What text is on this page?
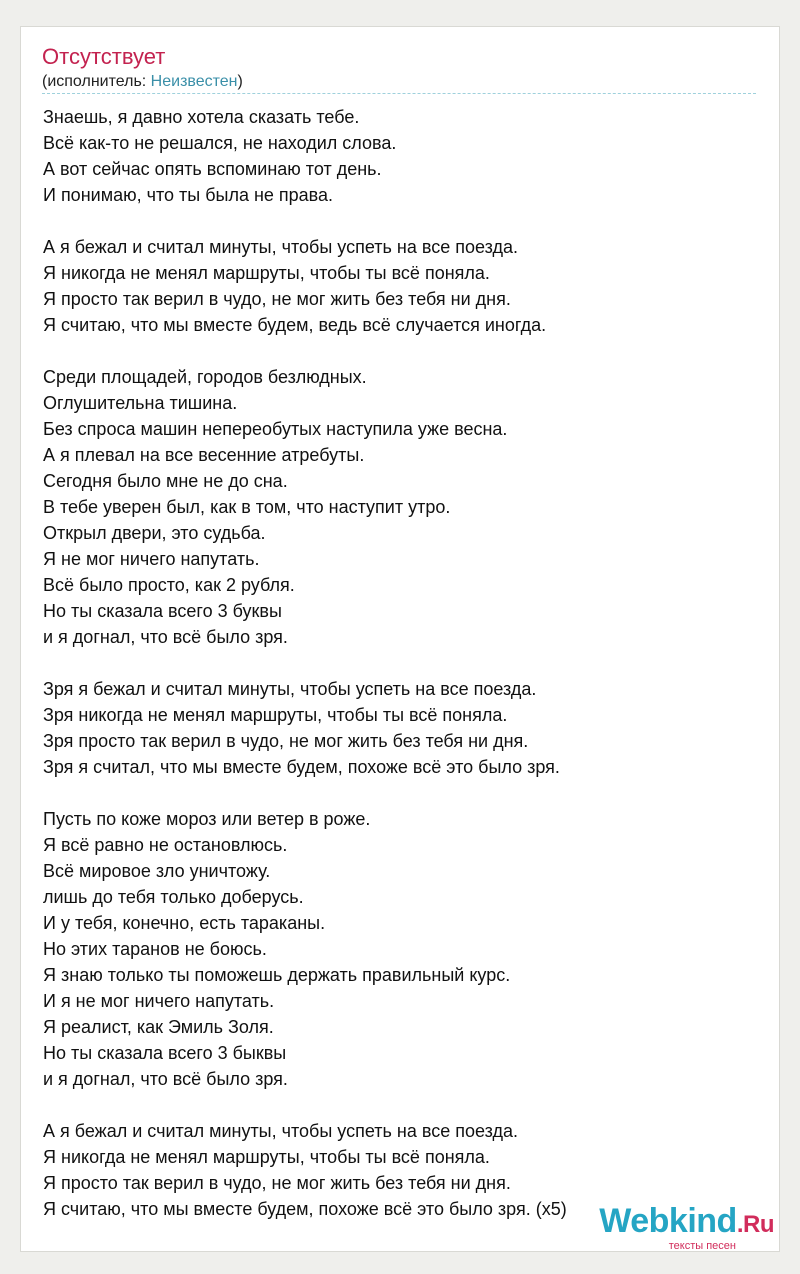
Отсутствует
(исполнитель: Неизвестен)
Знаешь, я давно хотела сказать тебе.
Всё как-то не решался, не находил слова.
А вот сейчас опять вспоминаю тот день.
И понимаю, что ты была не права.
А я бежал и считал минуты, чтобы успеть на все поезда.
Я никогда не менял маршруты, чтобы ты всё поняла.
Я просто так верил в чудо, не мог жить без тебя ни дня.
Я считаю, что мы вместе будем, ведь всё случается иногда.
Среди площадей, городов безлюдных.
Оглушительна тишина.
Без спроса машин непереобутых наступила уже весна.
А я плевал на все весенние атребуты.
Сегодня было мне не до сна.
В тебе уверен был, как в том, что наступит утро.
Открыл двери, это судьба.
Я не мог ничего напутать.
Всё было просто, как 2 рубля.
Но ты сказала всего 3 буквы
и я догнал, что всё было зря.
Зря я бежал и считал минуты, чтобы успеть на все поезда.
Зря никогда не менял маршруты, чтобы ты всё поняла.
Зря просто так верил в чудо, не мог жить без тебя ни дня.
Зря я считал, что мы вместе будем, похоже всё это было зря.
Пусть по коже мороз или ветер в роже.
Я всё равно не остановлюсь.
Всё мировое зло уничтожу.
лишь до тебя только доберусь.
И у тебя, конечно, есть тараканы.
Но этих таранов не боюсь.
Я знаю только ты поможешь держать правильный курс.
И я не мог ничего напутать.
Я реалист, как Эмиль Золя.
Но ты сказала всего 3 быквы
и я догнал, что всё было зря.
А я бежал и считал минуты, чтобы успеть на все поезда.
Я никогда не менял маршруты, чтобы ты всё поняла.
Я просто так верил в чудо, не мог жить без тебя ни дня.
Я считаю, что мы вместе будем, похоже всё это было зря. (x5) Webkind.Ru
тексты песен
